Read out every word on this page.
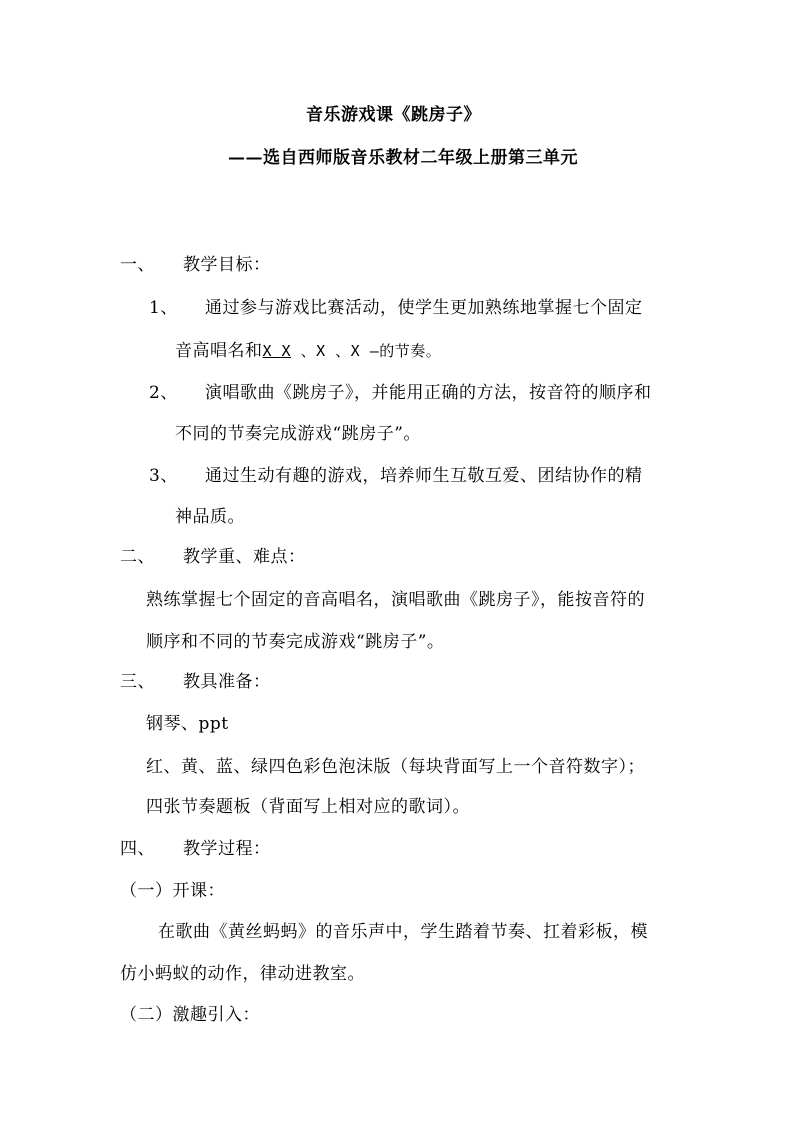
音乐游戏课《跳房子》
——选自西师版音乐教材二年级上册第三单元
一、 教学目标：
1、 通过参与游戏比赛活动，使学生更加熟练地掌握七个固定
音高唱名和X X 、X 、X —的节奏。
2、 演唱歌曲《跳房子》，并能用正确的方法，按音符的顺序和
不同的节奏完成游戏“跳房子”。
3、 通过生动有趣的游戏，培养师生互敬互爱、团结协作的精
神品质。
二、 教学重、难点：
熟练掌握七个固定的音高唱名，演唱歌曲《跳房子》，能按音符的
顺序和不同的节奏完成游戏“跳房子”。
三、 教具准备：
钢琴、ppt
红、黄、蓝、绿四色彩色泡沫版（每块背面写上一个音符数字）；
四张节奏题板（背面写上相对应的歌词）。
四、 教学过程：
（一）开课：
在歌曲《黄丝蚂蚂》的音乐声中，学生踏着节奏、扛着彩板，模
仿小蚂蚁的动作，律动进教室。
（二）激趣引入：
